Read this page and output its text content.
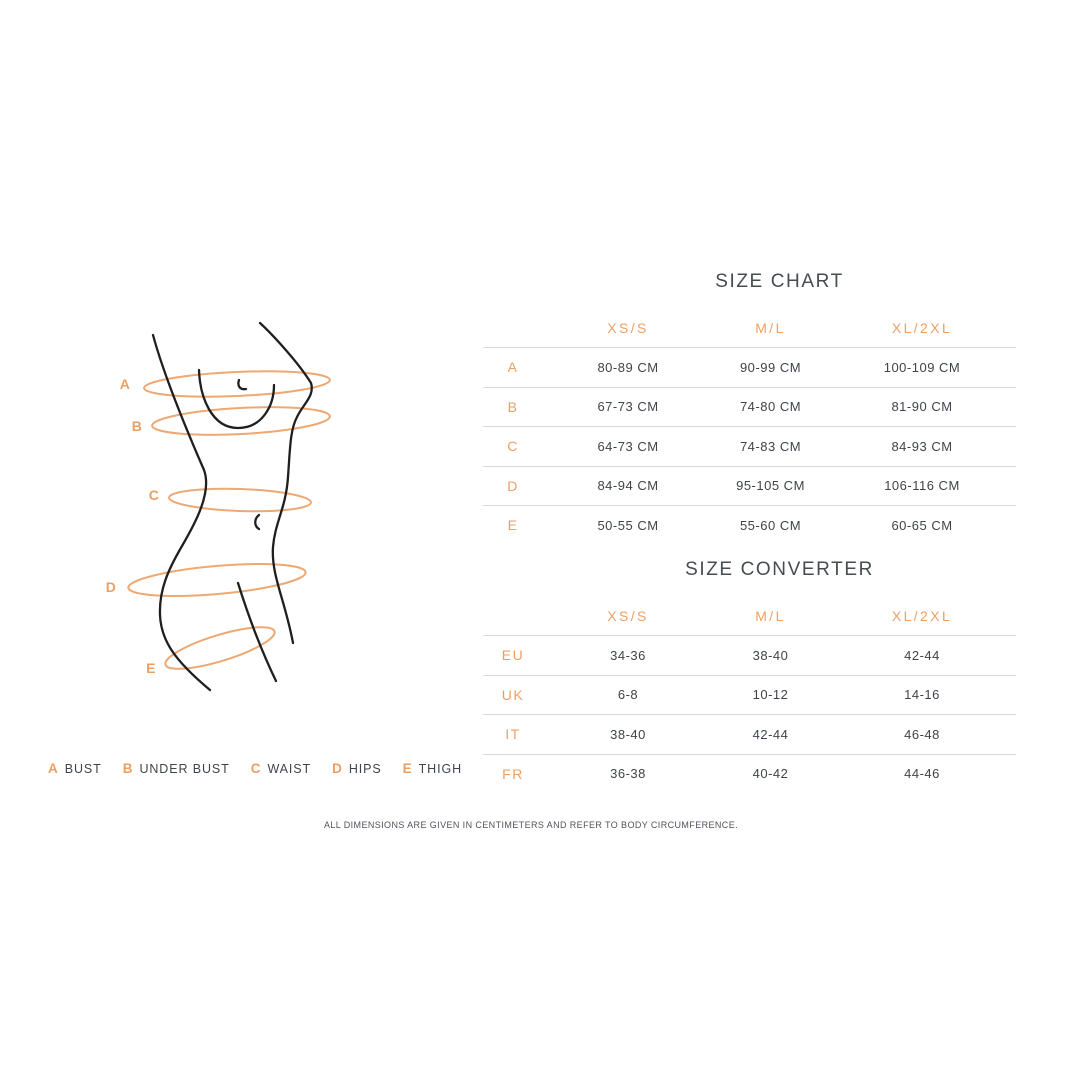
A
B
C
D
E
SIZE CHART
XS/S	M/L	XL/2XL
A	80-89 CM	90-99 CM	100-109 CM
B	67-73 CM	74-80 CM	81-90 CM
C	64-73 CM	74-83 CM	84-93 CM
D	84-94 CM	95-105 CM	106-116 CM
E	50-55 CM	55-60 CM	60-65 CM
SIZE CONVERTER
XS/S	M/L	XL/2XL
EU	34-36	38-40	42-44
UK	6-8	10-12	14-16
IT	38-40	42-44	46-48
FR	36-38	40-42	44-46
A BUST B UNDER BUST C WAIST D HIPS E THIGH
ALL DIMENSIONS ARE GIVEN IN CENTIMETERS AND REFER TO BODY CIRCUMFERENCE.
